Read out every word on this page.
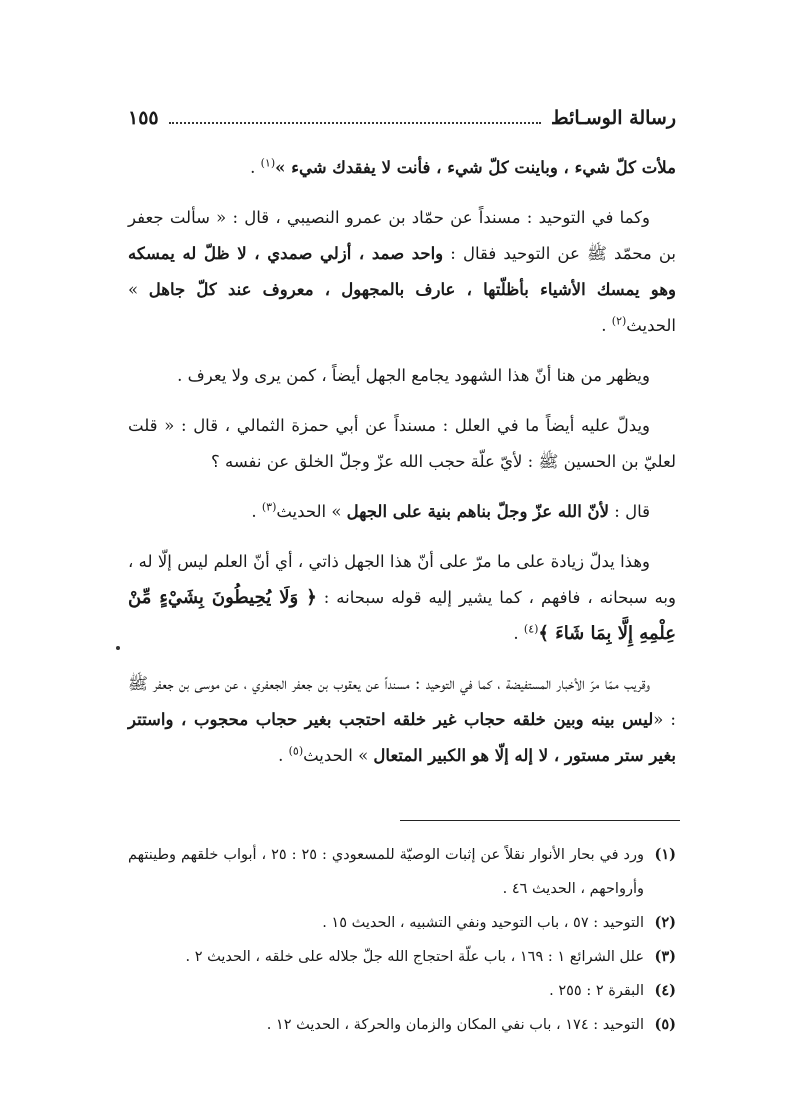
رسالة الوسـائط
١٥٥

ملأت كلّ شيء ، وباينت كلّ شيء ، فأنت لا يفقدك شيء »$^{(١)}$ .

وكما في التوحيد : مسنداً عن حمّاد بن عمرو النصيبي ، قال : « سألت جعفر بن محمّد ﷺ عن التوحيد فقال : واحد صمد ، أزلي صمدي ، لا ظلّ له يمسكه وهو يمسك الأشياء بأظلّتها ، عارف بالمجهول ، معروف عند كلّ جاهل » الحديث$^{(٢)}$ .

ويظهر من هنا أنّ هذا الشهود يجامع الجهل أيضاً ، كمن يرى ولا يعرف .

ويدلّ عليه أيضاً ما في العلل : مسنداً عن أبي حمزة الثمالي ، قال : « قلت لعليّ بن الحسين ﷺ : لأيّ علّة حجب الله عزّ وجلّ الخلق عن نفسه ؟

قال : لأنّ الله عزّ وجلّ بناهم بنية على الجهل » الحديث$^{(٣)}$ .

وهذا يدلّ زيادة على ما مرّ على أنّ هذا الجهل ذاتي ، أي أنّ العلم ليس إلّا له ، وبه سبحانه ، فافهم ، كما يشير إليه قوله سبحانه : ﴿ وَلَا يُحِيطُونَ بِشَيْءٍ مِّنْ عِلْمِهِ إِلَّا بِمَا شَاءَ ﴾$^{(٤)}$ .

وقريب ممّا مرّ الأخبار المستفيضة ، كما في التوحيد : مسنداً عن يعقوب بن جعفر الجعفري ، عن موسى بن جعفر ﷺ : «ليس بينه وبين خلقه حجاب غير خلقه احتجب بغير حجاب محجوب ، واستتر بغير ستر مستور ، لا إله إلّا هو الكبير المتعال » الحديث$^{(٥)}$ .

(١)
ورد في بحار الأنوار نقلاً عن إثبات الوصيّة للمسعودي : ٢٥ : ٢٥ ، أبواب خلقهم وطينتهم وأرواحهم ، الحديث ٤٦ .
(٢)
التوحيد : ٥٧ ، باب التوحيد ونفي التشبيه ، الحديث ١٥ .
(٣)
علل الشرائع ١ : ١٦٩ ، باب علّة احتجاج الله جلّ جلاله على خلقه ، الحديث ٢ .
(٤)
البقرة ٢ : ٢٥٥ .
(٥)
التوحيد : ١٧٤ ، باب نفي المكان والزمان والحركة ، الحديث ١٢ .
